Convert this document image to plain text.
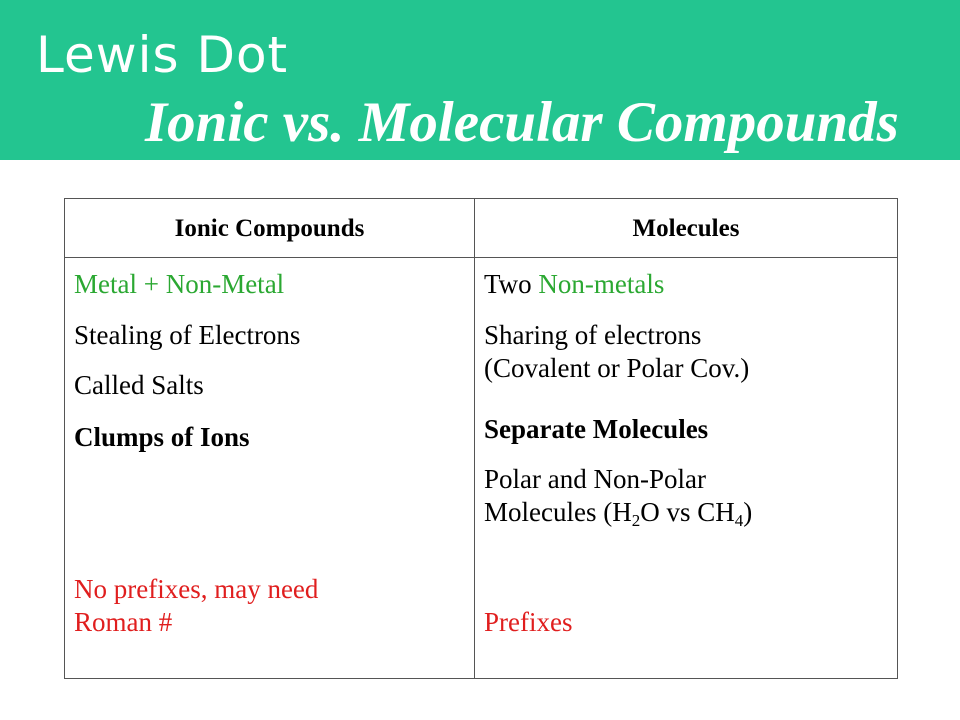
Lewis Dot
Ionic vs. Molecular Compounds
Ionic Compounds	Molecules
Metal + Non-Metal
Stealing of Electrons
Called Salts
Clumps of Ions
No prefixes, may need
Roman #
Two Non-metals
Sharing of electrons
(Covalent or Polar Cov.)
Separate Molecules
Polar and Non-Polar
Molecules ($H_2O$ vs $CH_4$)
Prefixes
